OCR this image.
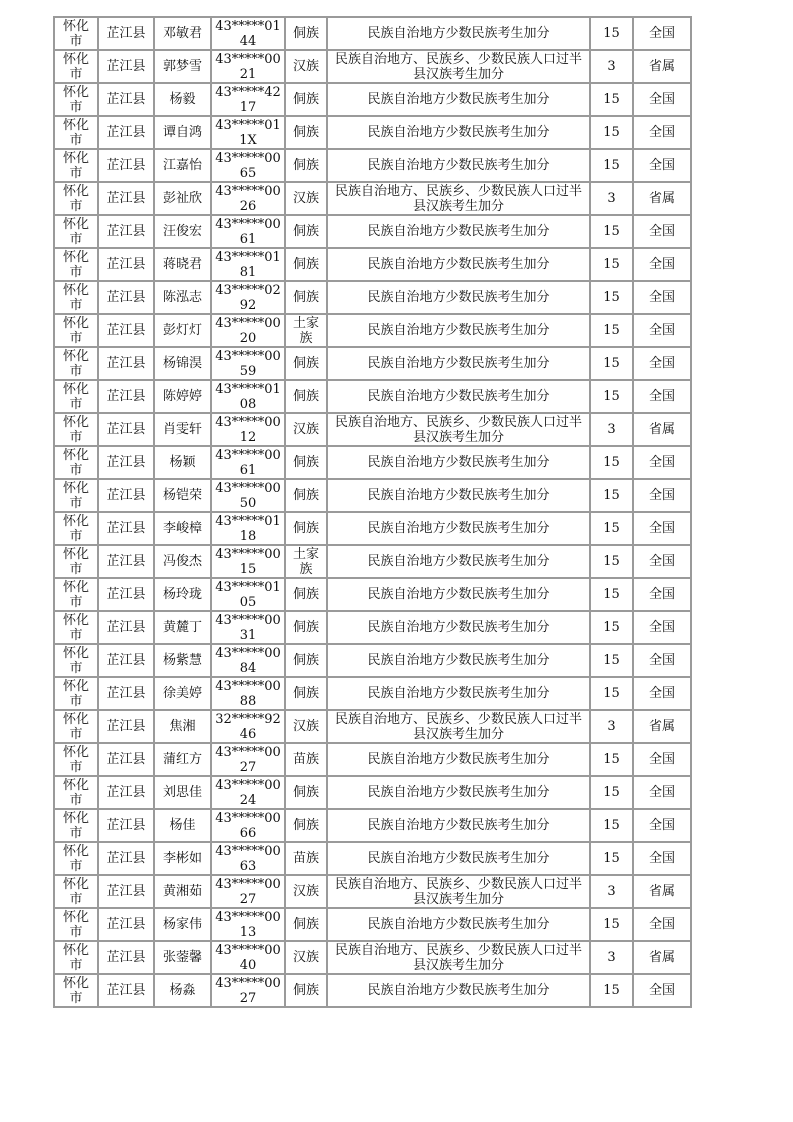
怀化市	芷江县	邓敏君	43*****0144	侗族	民族自治地方少数民族考生加分	15	全国
怀化市	芷江县	郭梦雪	43*****0021	汉族	民族自治地方、民族乡、少数民族人口过半县汉族考生加分	3	省属
怀化市	芷江县	杨毅	43*****4217	侗族	民族自治地方少数民族考生加分	15	全国
怀化市	芷江县	谭自鸿	43*****011X	侗族	民族自治地方少数民族考生加分	15	全国
怀化市	芷江县	江嘉怡	43*****0065	侗族	民族自治地方少数民族考生加分	15	全国
怀化市	芷江县	彭祉欣	43*****0026	汉族	民族自治地方、民族乡、少数民族人口过半县汉族考生加分	3	省属
怀化市	芷江县	汪俊宏	43*****0061	侗族	民族自治地方少数民族考生加分	15	全国
怀化市	芷江县	蒋晓君	43*****0181	侗族	民族自治地方少数民族考生加分	15	全国
怀化市	芷江县	陈泓志	43*****0292	侗族	民族自治地方少数民族考生加分	15	全国
怀化市	芷江县	彭灯灯	43*****0020	土家族	民族自治地方少数民族考生加分	15	全国
怀化市	芷江县	杨锦淏	43*****0059	侗族	民族自治地方少数民族考生加分	15	全国
怀化市	芷江县	陈婷婷	43*****0108	侗族	民族自治地方少数民族考生加分	15	全国
怀化市	芷江县	肖雯轩	43*****0012	汉族	民族自治地方、民族乡、少数民族人口过半县汉族考生加分	3	省属
怀化市	芷江县	杨颖	43*****0061	侗族	民族自治地方少数民族考生加分	15	全国
怀化市	芷江县	杨铠荣	43*****0050	侗族	民族自治地方少数民族考生加分	15	全国
怀化市	芷江县	李峻樟	43*****0118	侗族	民族自治地方少数民族考生加分	15	全国
怀化市	芷江县	冯俊杰	43*****0015	土家族	民族自治地方少数民族考生加分	15	全国
怀化市	芷江县	杨玲珑	43*****0105	侗族	民族自治地方少数民族考生加分	15	全国
怀化市	芷江县	黄麓丁	43*****0031	侗族	民族自治地方少数民族考生加分	15	全国
怀化市	芷江县	杨紫慧	43*****0084	侗族	民族自治地方少数民族考生加分	15	全国
怀化市	芷江县	徐美婷	43*****0088	侗族	民族自治地方少数民族考生加分	15	全国
怀化市	芷江县	焦湘	32*****9246	汉族	民族自治地方、民族乡、少数民族人口过半县汉族考生加分	3	省属
怀化市	芷江县	蒲红方	43*****0027	苗族	民族自治地方少数民族考生加分	15	全国
怀化市	芷江县	刘思佳	43*****0024	侗族	民族自治地方少数民族考生加分	15	全国
怀化市	芷江县	杨佳	43*****0066	侗族	民族自治地方少数民族考生加分	15	全国
怀化市	芷江县	李彬如	43*****0063	苗族	民族自治地方少数民族考生加分	15	全国
怀化市	芷江县	黄湘茹	43*****0027	汉族	民族自治地方、民族乡、少数民族人口过半县汉族考生加分	3	省属
怀化市	芷江县	杨家伟	43*****0013	侗族	民族自治地方少数民族考生加分	15	全国
怀化市	芷江县	张蓥馨	43*****0040	汉族	民族自治地方、民族乡、少数民族人口过半县汉族考生加分	3	省属
怀化市	芷江县	杨淼	43*****0027	侗族	民族自治地方少数民族考生加分	15	全国
